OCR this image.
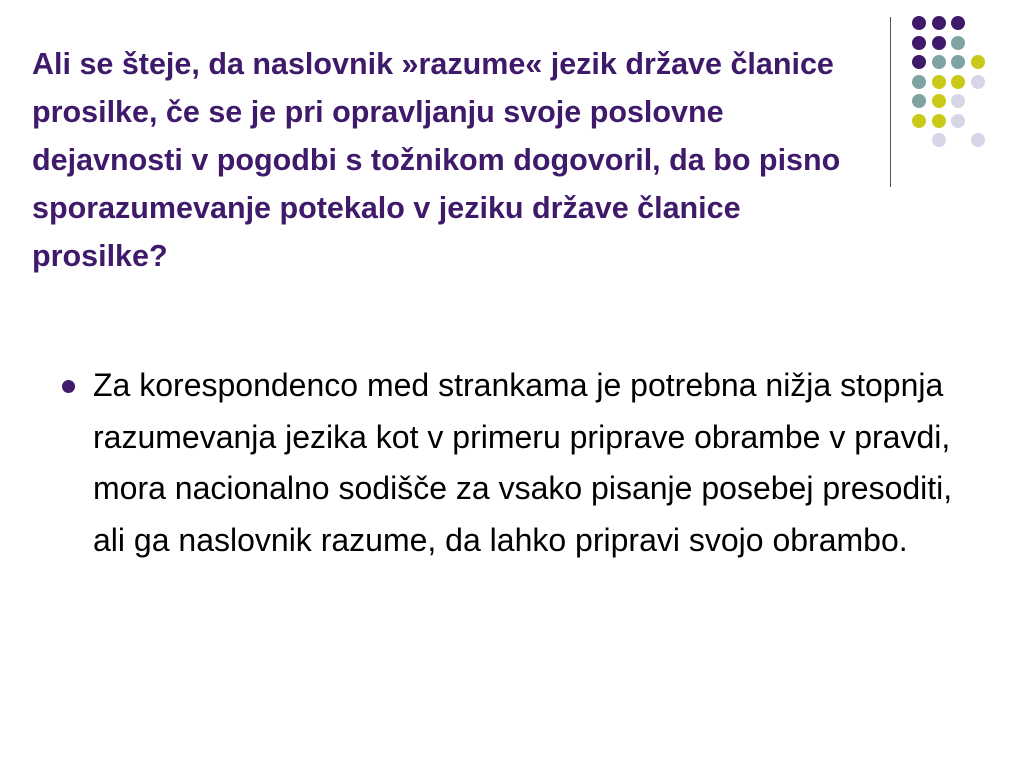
Ali se šteje, da naslovnik »razume« jezik države članice prosilke, če se je pri opravljanju svoje poslovne dejavnosti v pogodbi s tožnikom dogovoril, da bo pisno sporazumevanje potekalo v jeziku države članice prosilke?
Za korespondenco med strankama je potrebna nižja stopnja razumevanja jezika kot v primeru priprave obrambe v pravdi, mora nacionalno sodišče za vsako pisanje posebej presoditi, ali ga naslovnik razume, da lahko pripravi svojo obrambo.
